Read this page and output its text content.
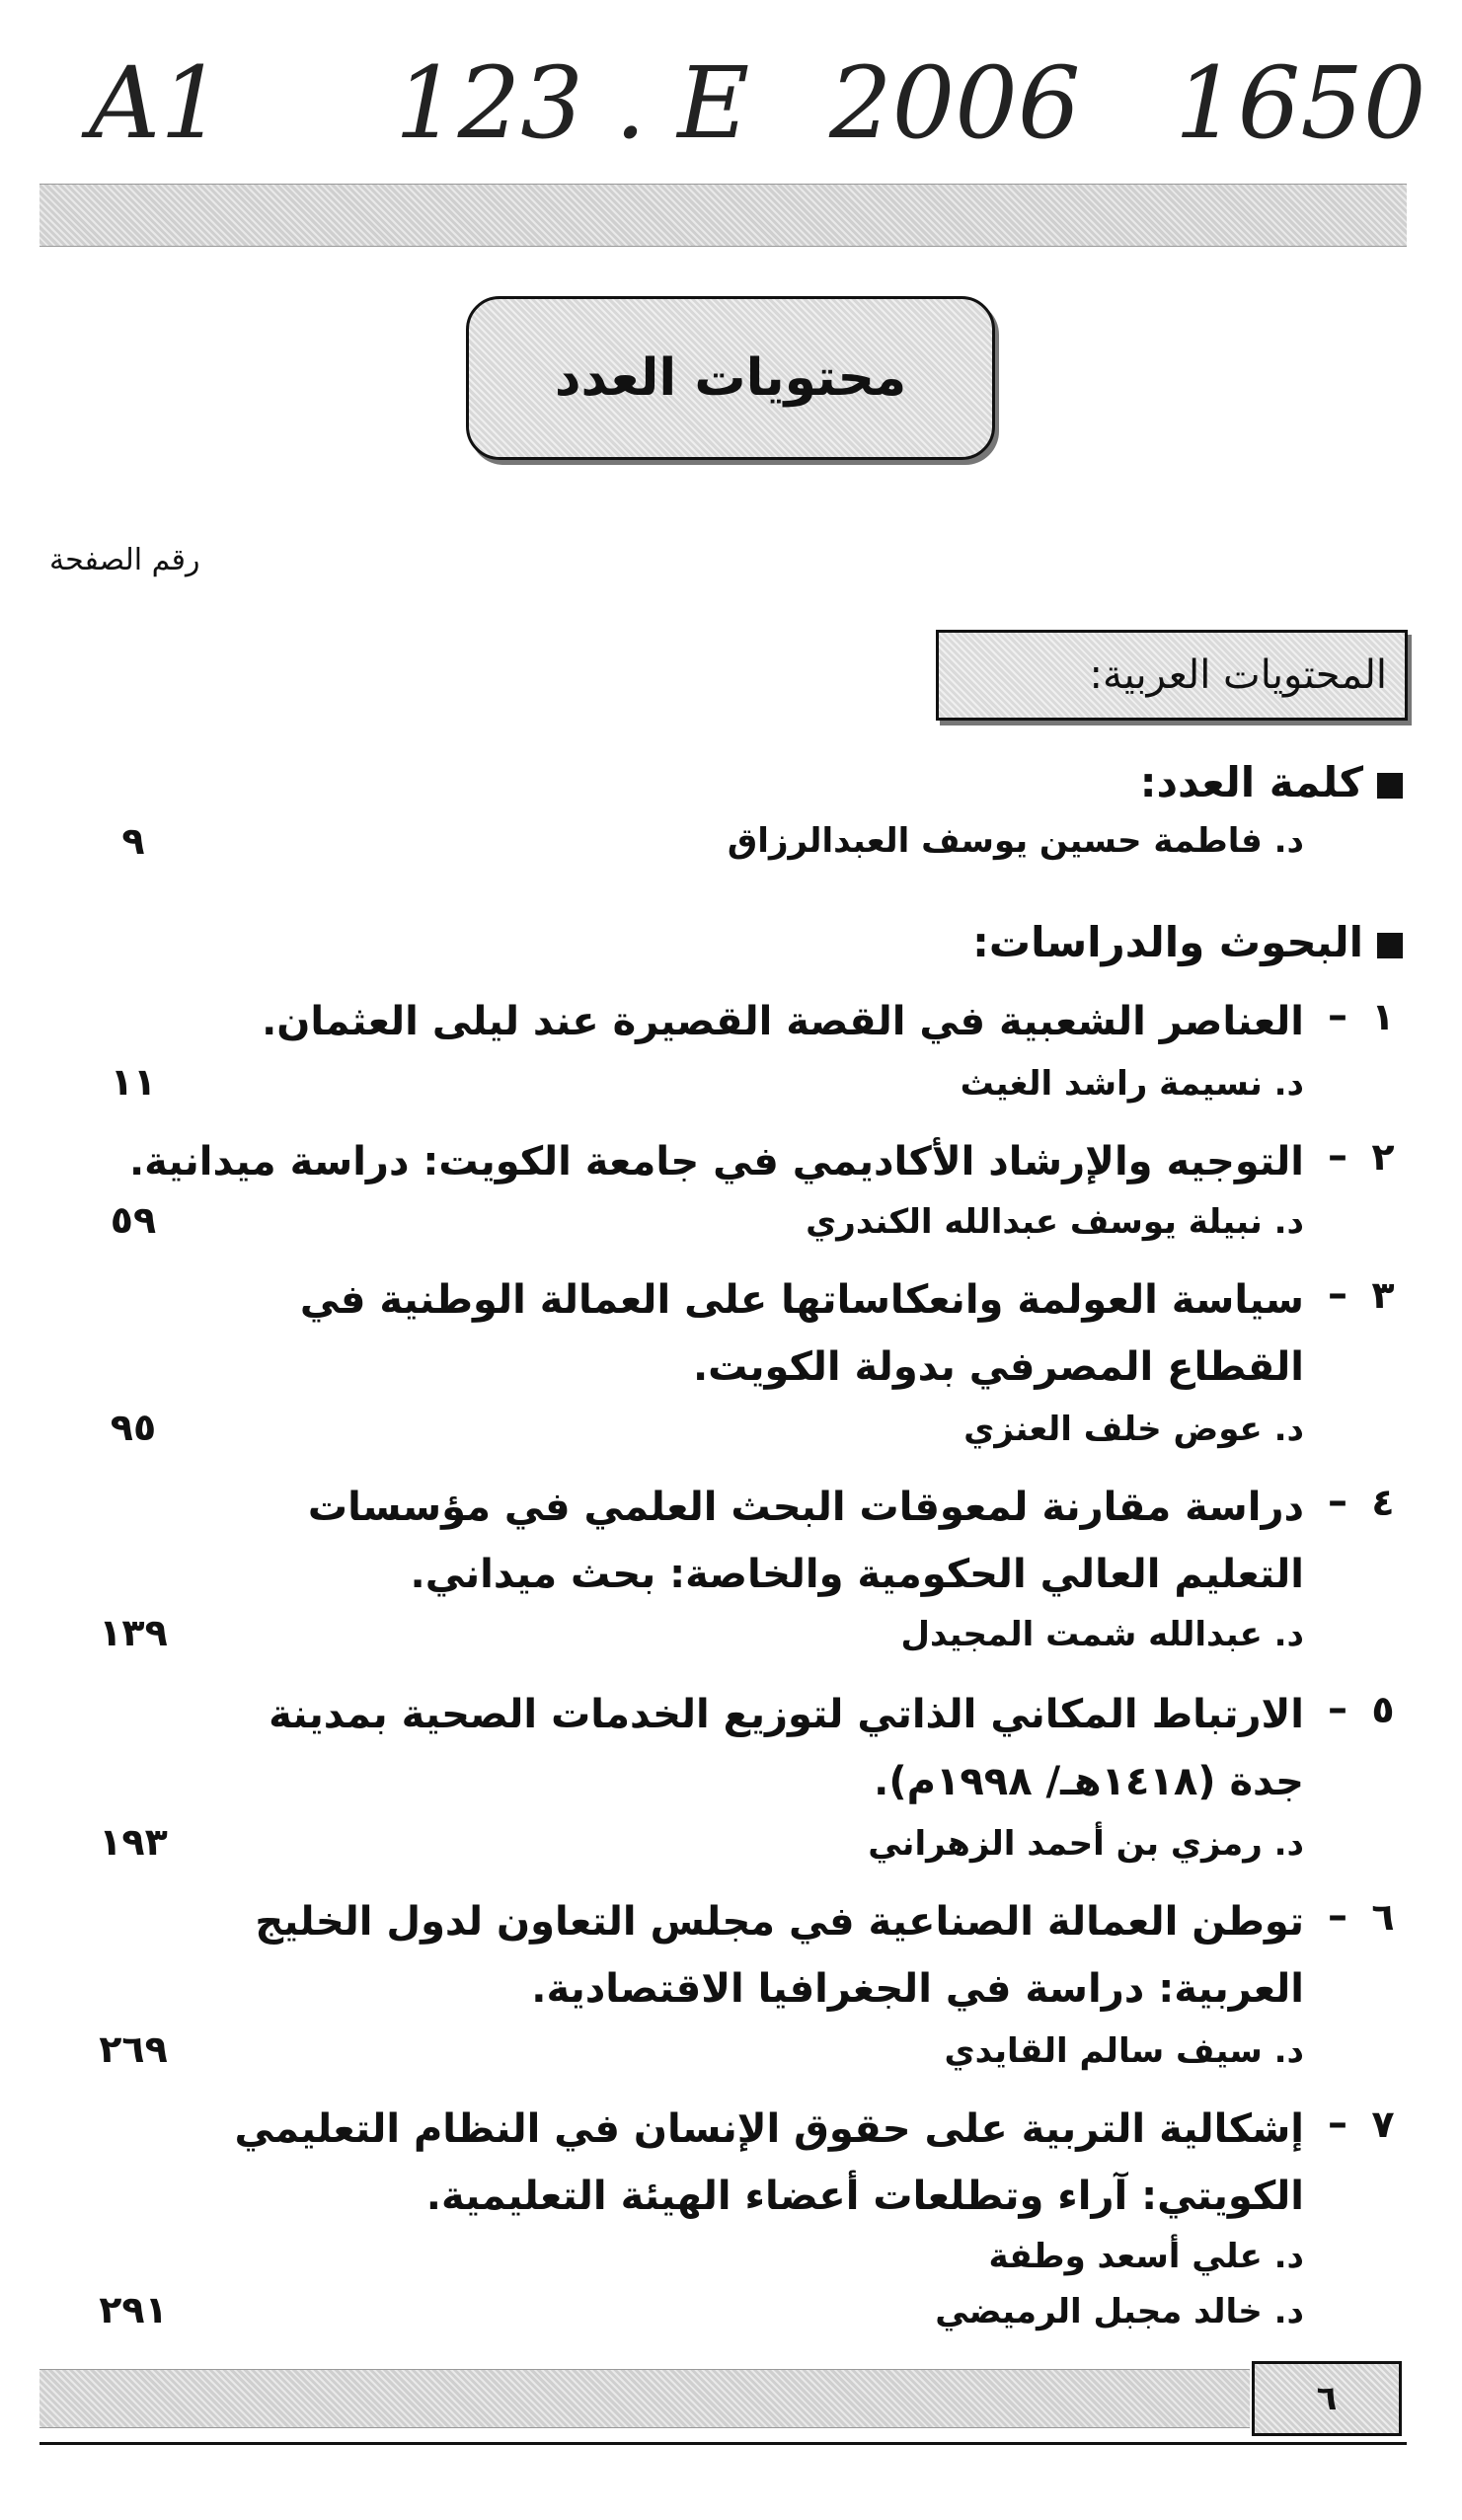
A1 123 . E 2006 1650
محتويات العدد
رقم الصفحة
المحتويات العربية:
كلمة العدد:
د. فاطمة حسين يوسف العبدالرزاق
٩
البحوث والدراسات:
١
–
العناصر الشعبية في القصة القصيرة عند ليلى العثمان.
د. نسيمة راشد الغيث
١١
٢
–
التوجيه والإرشاد الأكاديمي في جامعة الكويت: دراسة ميدانية.
د. نبيلة يوسف عبدالله الكندري
٥٩
٣
–
سياسة العولمة وانعكاساتها على العمالة الوطنية في
القطاع المصرفي بدولة الكويت.
د. عوض خلف العنزي
٩٥
٤
–
دراسة مقارنة لمعوقات البحث العلمي في مؤسسات
التعليم العالي الحكومية والخاصة: بحث ميداني.
د. عبدالله شمت المجيدل
١٣٩
٥
–
الارتباط المكاني الذاتي لتوزيع الخدمات الصحية بمدينة
جدة (١٤١٨هـ/ ١٩٩٨م).
د. رمزي بن أحمد الزهراني
١٩٣
٦
–
توطن العمالة الصناعية في مجلس التعاون لدول الخليج
العربية: دراسة في الجغرافيا الاقتصادية.
د. سيف سالم القايدي
٢٦٩
٧
–
إشكالية التربية على حقوق الإنسان في النظام التعليمي
الكويتي: آراء وتطلعات أعضاء الهيئة التعليمية.
د. علي أسعد وطفة
د. خالد مجبل الرميضي
٢٩١
٦
